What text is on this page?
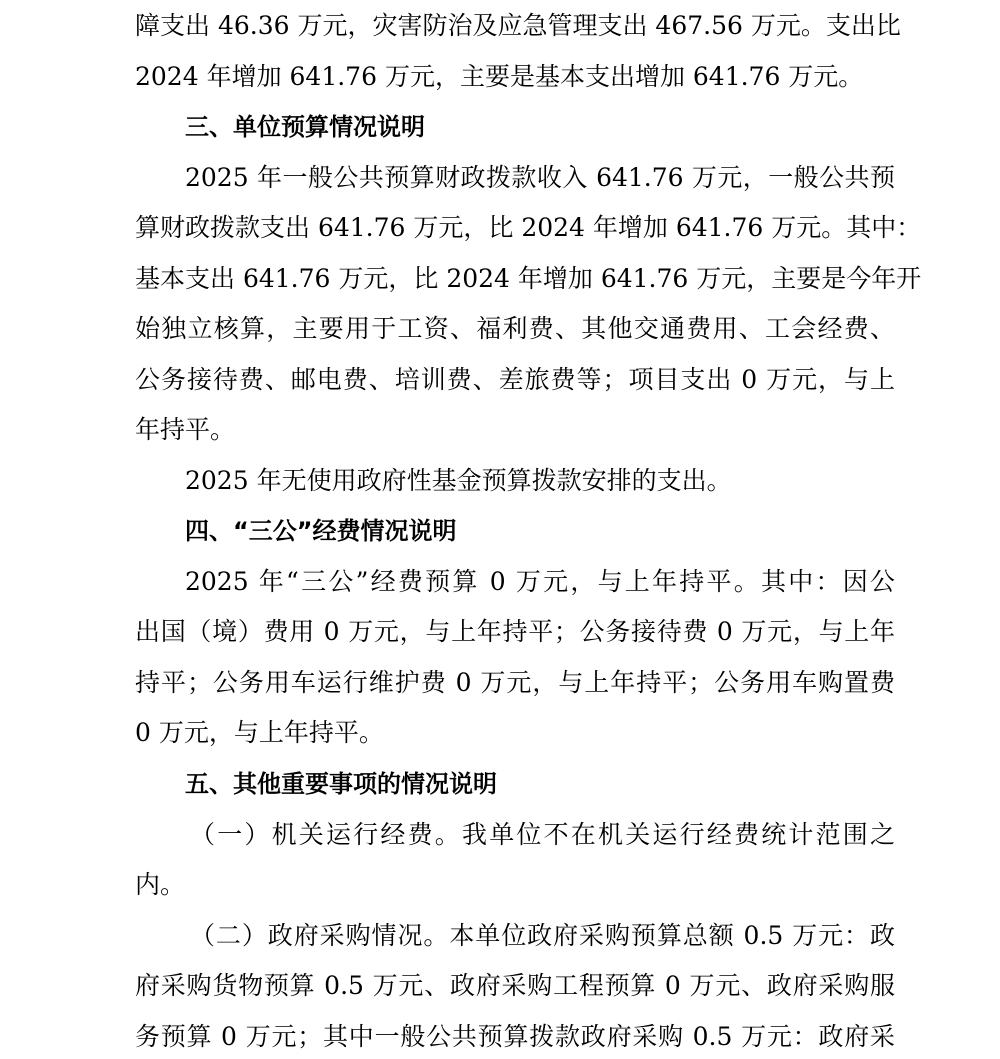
障支出 46.36 万元，灾害防治及应急管理支出 467.56 万元。支出比
2024 年增加 641.76 万元，主要是基本支出增加 641.76 万元。
三、单位预算情况说明
2025 年一般公共预算财政拨款收入 641.76 万元，一般公共预
算财政拨款支出 641.76 万元，比 2024 年增加 641.76 万元。其中：
基本支出 641.76 万元，比 2024 年增加 641.76 万元，主要是今年开
始独立核算，主要用于工资、福利费、其他交通费用、工会经费、
公务接待费、邮电费、培训费、差旅费等；项目支出 0 万元，与上
年持平。
2025 年无使用政府性基金预算拨款安排的支出。
四、“三公”经费情况说明
2025 年“三公”经费预算 0 万元，与上年持平。其中：因公
出国（境）费用 0 万元，与上年持平；公务接待费 0 万元，与上年
持平；公务用车运行维护费 0 万元，与上年持平；公务用车购置费
0 万元，与上年持平。
五、其他重要事项的情况说明
（一）机关运行经费。我单位不在机关运行经费统计范围之
内。
（二）政府采购情况。本单位政府采购预算总额 0.5 万元：政
府采购货物预算 0.5 万元、政府采购工程预算 0 万元、政府采购服
务预算 0 万元；其中一般公共预算拨款政府采购 0.5 万元：政府采
